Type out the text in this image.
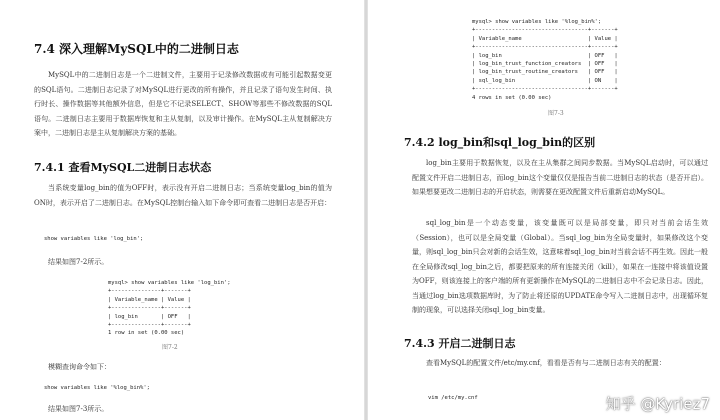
7.4 深入理解MySQL中的二进制日志
MySQL中的二进制日志是一个二进制文件，主要用于记录修改数据或有可能引起数据变更的SQL语句。二进制日志记录了对MySQL进行更改的所有操作，并且记录了语句发生时间、执行时长、操作数据等其他额外信息，但是它不记录SELECT、SHOW等那些不修改数据的SQL语句。二进制日志主要用于数据库恢复和主从复制，以及审计操作。在MySQL主从复制解决方案中，二进制日志是主从复制解决方案的基础。
7.4.1 查看MySQL二进制日志状态
当系统变量log_bin的值为OFF时，表示没有开启二进制日志；当系统变量log_bin的值为ON时，表示开启了二进制日志。在MySQL控制台输入如下命令即可查看二进制日志是否开启：
show variables like 'log_bin';
结果如图7-2所示。
mysql> show variables like 'log_bin';
+---------------+-------+
| Variable_name | Value |
+---------------+-------+
| log_bin       | OFF   |
+---------------+-------+
1 row in set (0.00 sec)
图7-2
模糊查询命令如下：
show variables like '%log_bin%';
结果如图7-3所示。
mysql> show variables like '%log_bin%';
+----------------------------------+-------+
| Variable_name                    | Value |
+----------------------------------+-------+
| log_bin                          | OFF   |
| log_bin_trust_function_creators  | OFF   |
| log_bin_trust_routine_creators   | OFF   |
| sql_log_bin                      | ON    |
+----------------------------------+-------+
4 rows in set (0.00 sec)
图7-3
7.4.2 log_bin和sql_log_bin的区别
log_bin主要用于数据恢复，以及在主从集群之间同步数据。当MySQL启动时，可以通过配置文件开启二进制日志，而log_bin这个变量仅仅是报告当前二进制日志的状态（是否开启）。如果想要更改二进制日志的开启状态，则需要在更改配置文件后重新启动MySQL。
sql_log_bin是一个动态变量，该变量既可以是局部变量，即只对当前会话生效（Session），也可以是全局变量（Global）。当sql_log_bin为全局变量时，如果修改这个变量，则sql_log_bin只会对新的会话生效，这意味着sql_log_bin对当前会话不再生效。因此一般在全局修改sql_log_bin之后，都要把原来的所有连接关闭（kill），如果在一连接中将该值设置为OFF，则该连接上的客户端的所有更新操作在MySQL的二进制日志中不会记录日志。因此，当通过log_bin选项数据库时，为了防止将还原的UPDATE命令写入二进制日志中，出现循环复制的现象，可以选择关闭sql_log_bin变量。
7.4.3 开启二进制日志
查看MySQL的配置文件/etc/my.cnf，看看是否有与二进制日志有关的配置：
vim /etc/my.cnf	知乎 @Kyriez7
